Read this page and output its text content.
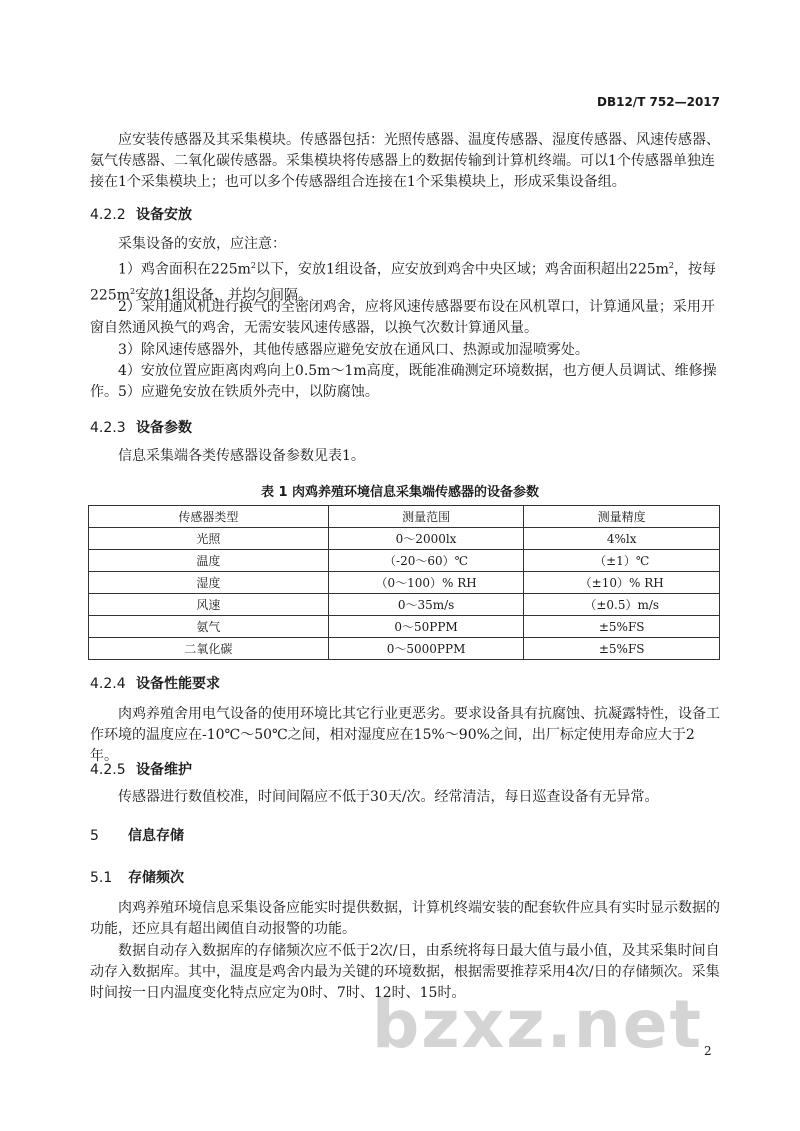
DB12/T 752—2017

应安装传感器及其采集模块。传感器包括：光照传感器、温度传感器、湿度传感器、风速传感器、氨气传感器、二氧化碳传感器。采集模块将传感器上的数据传输到计算机终端。可以1个传感器单独连接在1个采集模块上；也可以多个传感器组合连接在1个采集模块上，形成采集设备组。

4.2.2 设备安放

采集设备的安放，应注意：

1）鸡舍面积在$225m^2$以下，安放1组设备，应安放到鸡舍中央区域；鸡舍面积超出$225m^2$，按每$225m^2$安放1组设备，并均匀间隔。

2）采用通风机进行换气的全密闭鸡舍，应将风速传感器要布设在风机罩口，计算通风量；采用开窗自然通风换气的鸡舍，无需安装风速传感器，以换气次数计算通风量。

3）除风速传感器外，其他传感器应避免安放在通风口、热源或加湿喷雾处。

4）安放位置应距离肉鸡向上0.5m～1m高度，既能准确测定环境数据，也方便人员调试、维修操作。 5）应避免安放在铁质外壳中，以防腐蚀。

4.2.3 设备参数

信息采集端各类传感器设备参数见表1。

表 1 肉鸡养殖环境信息采集端传感器的设备参数
传感器类型	测量范围	测量精度
光照	0～2000lx	4%lx
温度	（-20～60）℃	（±1）℃
湿度	（0～100）% RH	（±10）% RH
风速	0～35m/s	（±0.5）m/s
氨气	0～50PPM	±5%FS
二氧化碳	0～5000PPM	±5%FS
4.2.4 设备性能要求

肉鸡养殖舍用电气设备的使用环境比其它行业更恶劣。要求设备具有抗腐蚀、抗凝露特性，设备工作环境的温度应在-10℃～50℃之间，相对湿度应在15%～90%之间，出厂标定使用寿命应大于2年。

4.2.5 设备维护

传感器进行数值校准，时间间隔应不低于30天/次。经常清洁，每日巡查设备有无异常。

5 信息存储
5.1 存储频次

肉鸡养殖环境信息采集设备应能实时提供数据，计算机终端安装的配套软件应具有实时显示数据的功能，还应具有超出阈值自动报警的功能。

数据自动存入数据库的存储频次应不低于2次/日，由系统将每日最大值与最小值，及其采集时间自动存入数据库。其中，温度是鸡舍内最为关键的环境数据，根据需要推荐采用4次/日的存储频次。采集时间按一日内温度变化特点应定为0时、7时、12时、15时。

bzxz.net 2
